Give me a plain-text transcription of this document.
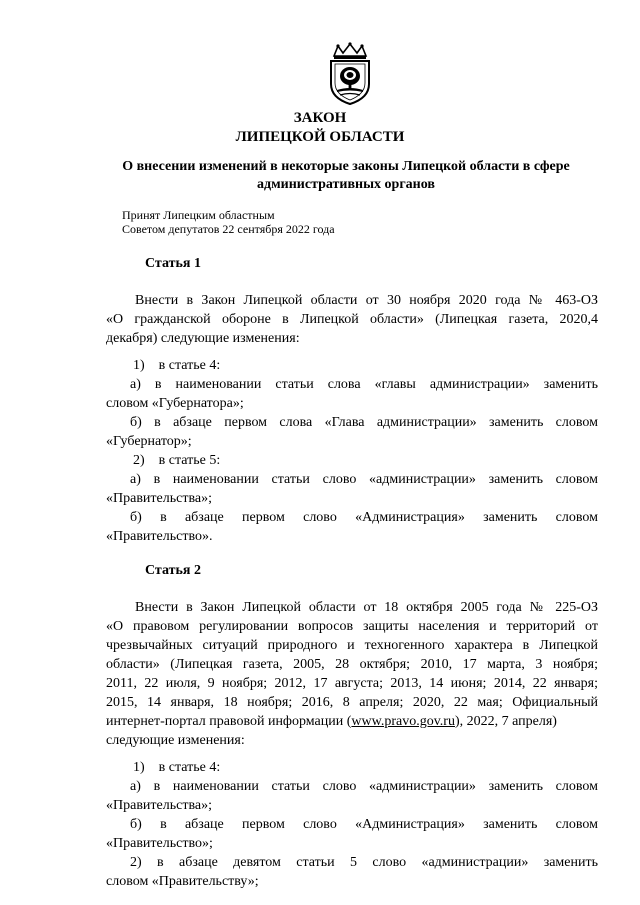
ЗАКОН
ЛИПЕЦКОЙ ОБЛАСТИ
О внесении изменений в некоторые законы Липецкой области в сфере
административных органов
Принят Липецким областным
Советом депутатов 22 сентября 2022 года
Статья 1
Внести в Закон Липецкой области от 30 ноября 2020 года № 463-ОЗ
«О гражданской обороне в Липецкой области» (Липецкая газета, 2020,4
декабря) следующие изменения:
1) в статье 4:
а) в наименовании статьи слова «главы администрации» заменить
словом «Губернатора»;
б) в абзаце первом слова «Глава администрации» заменить словом
«Губернатор»;
2) в статье 5:
а) в наименовании статьи слово «администрации» заменить словом
«Правительства»;
б) в абзаце первом слово «Администрация» заменить словом
«Правительство».
Статья 2
Внести в Закон Липецкой области от 18 октября 2005 года № 225-ОЗ
«О правовом регулировании вопросов защиты населения и территорий от
чрезвычайных ситуаций природного и техногенного характера в Липецкой
области» (Липецкая газета, 2005, 28 октября; 2010, 17 марта, 3 ноября;
2011, 22 июля, 9 ноября; 2012, 17 августа; 2013, 14 июня; 2014, 22 января;
2015, 14 января, 18 ноября; 2016, 8 апреля; 2020, 22 мая; Официальный
интернет-портал правовой информации (www.pravo.gov.ru), 2022, 7 апреля)
следующие изменения:
1) в статье 4:
а) в наименовании статьи слово «администрации» заменить словом
«Правительства»;
б) в абзаце первом слово «Администрация» заменить словом
«Правительство»;
2) в абзаце девятом статьи 5 слово «администрации» заменить
словом «Правительству»;
